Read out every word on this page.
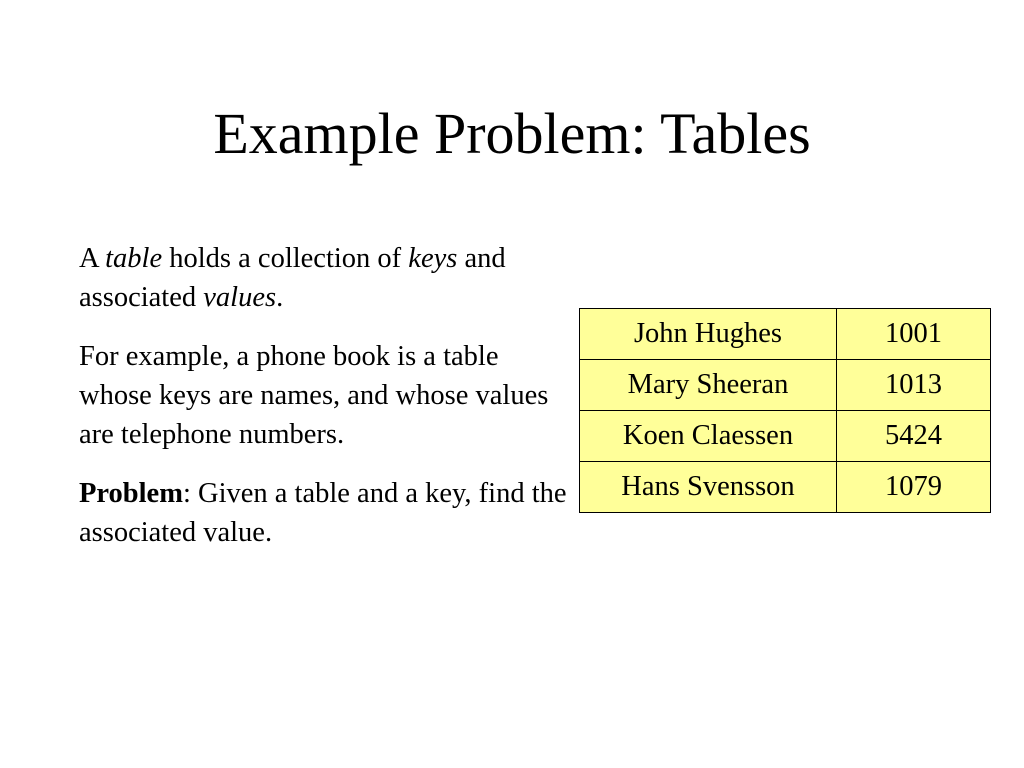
Example Problem: Tables

A table holds a collection of keys and associated values.

For example, a phone book is a table whose keys are names, and whose values are telephone numbers.

Problem: Given a table and a key, find the associated value.

John Hughes	1001
Mary Sheeran	1013
Koen Claessen	5424
Hans Svensson	1079
